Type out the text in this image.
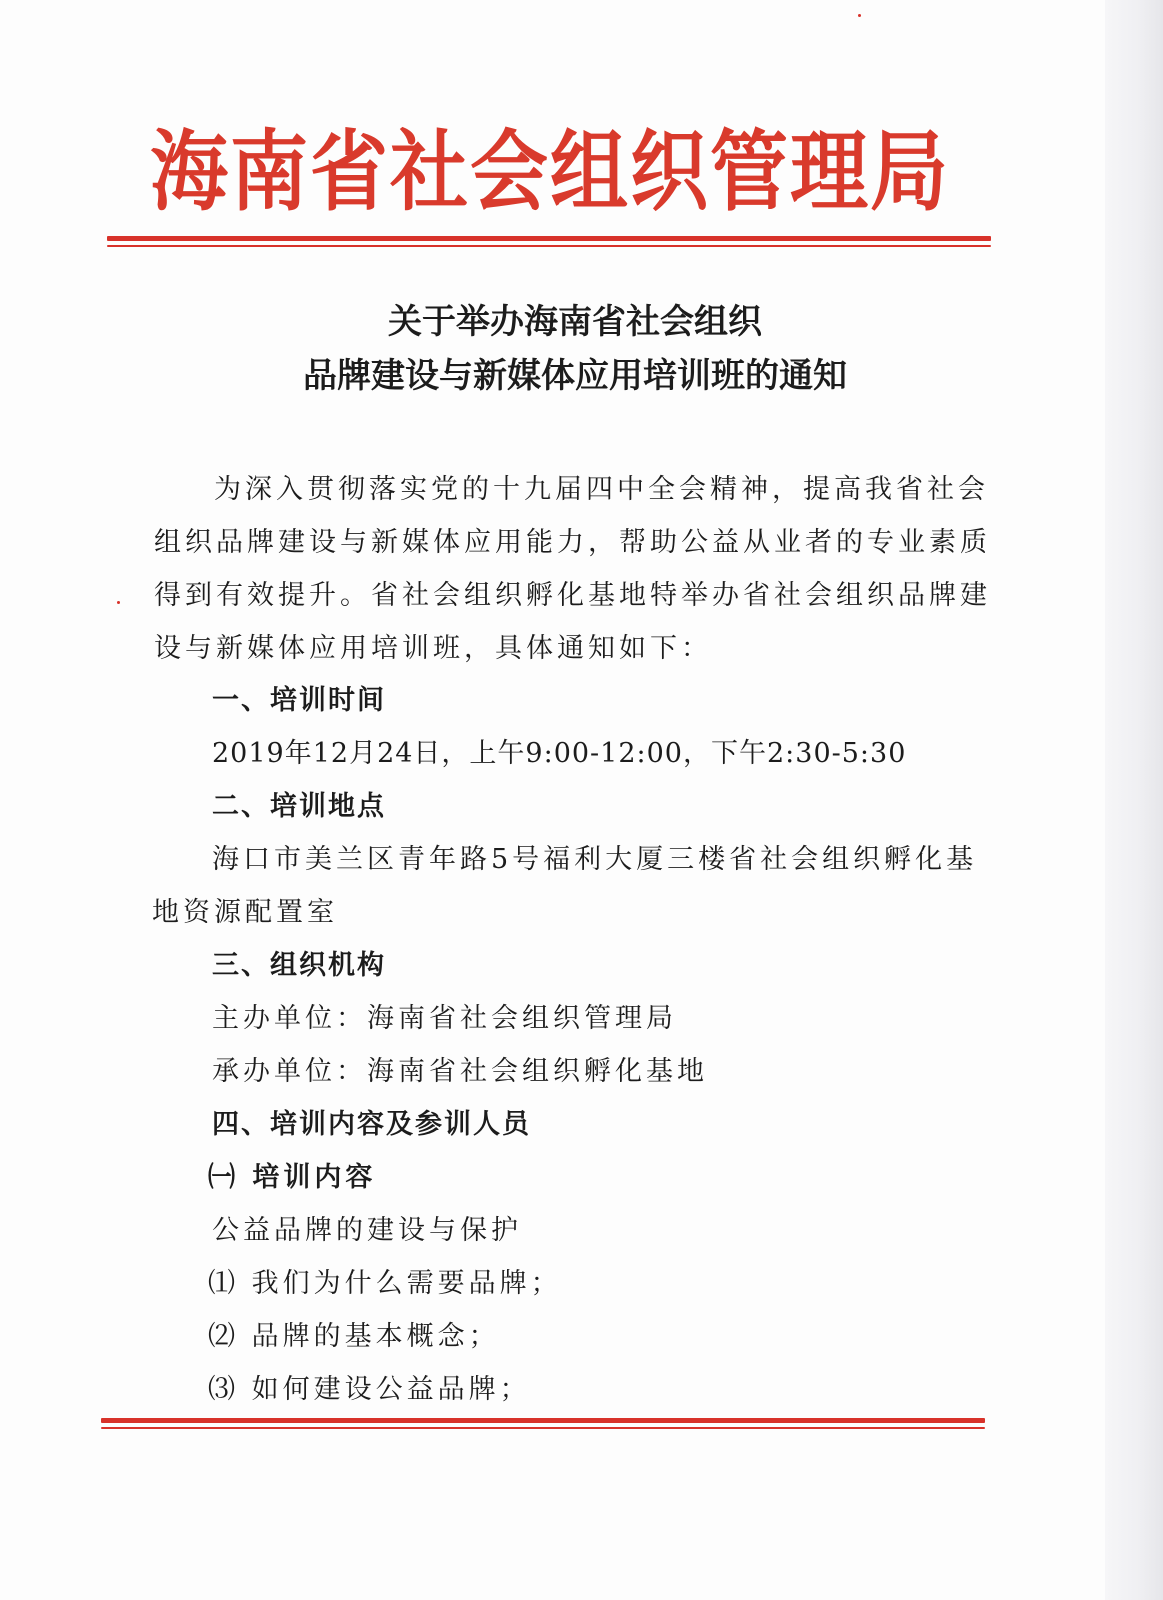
海南省社会组织管理局
关于举办海南省社会组织
品牌建设与新媒体应用培训班的通知
为深入贯彻落实党的十九届四中全会精神，提高我省社会
组织品牌建设与新媒体应用能力，帮助公益从业者的专业素质
得到有效提升。省社会组织孵化基地特举办省社会组织品牌建
设与新媒体应用培训班，具体通知如下：
一、培训时间
2019年12月24日，上午9:00-12:00，下午2:30-5:30
二、培训地点
海口市美兰区青年路5号福利大厦三楼省社会组织孵化基
地资源配置室
三、组织机构
主办单位：海南省社会组织管理局
承办单位：海南省社会组织孵化基地
四、培训内容及参训人员
㈠ 培训内容
公益品牌的建设与保护
⑴ 我们为什么需要品牌；
⑵ 品牌的基本概念；
⑶ 如何建设公益品牌；
